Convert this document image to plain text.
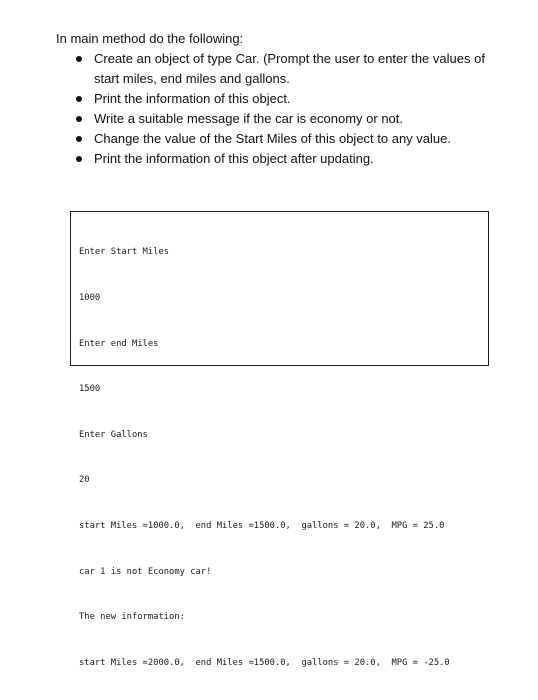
In main method do the following:

Create an object of type Car. (Prompt the user to enter the values of start miles, end miles and gallons.
Print the information of this object.
Write a suitable message if the car is economy or not.
Change the value of the Start Miles of this object to any value.
Print the information of this object after updating.

Enter Start Miles

1000

Enter end Miles

1500

Enter Gallons

20

start Miles =1000.0,  end Miles =1500.0,  gallons = 20.0,  MPG = 25.0

car 1 is not Economy car!

The new information:

start Miles =2000.0,  end Miles =1500.0,  gallons = 20.0,  MPG = -25.0
